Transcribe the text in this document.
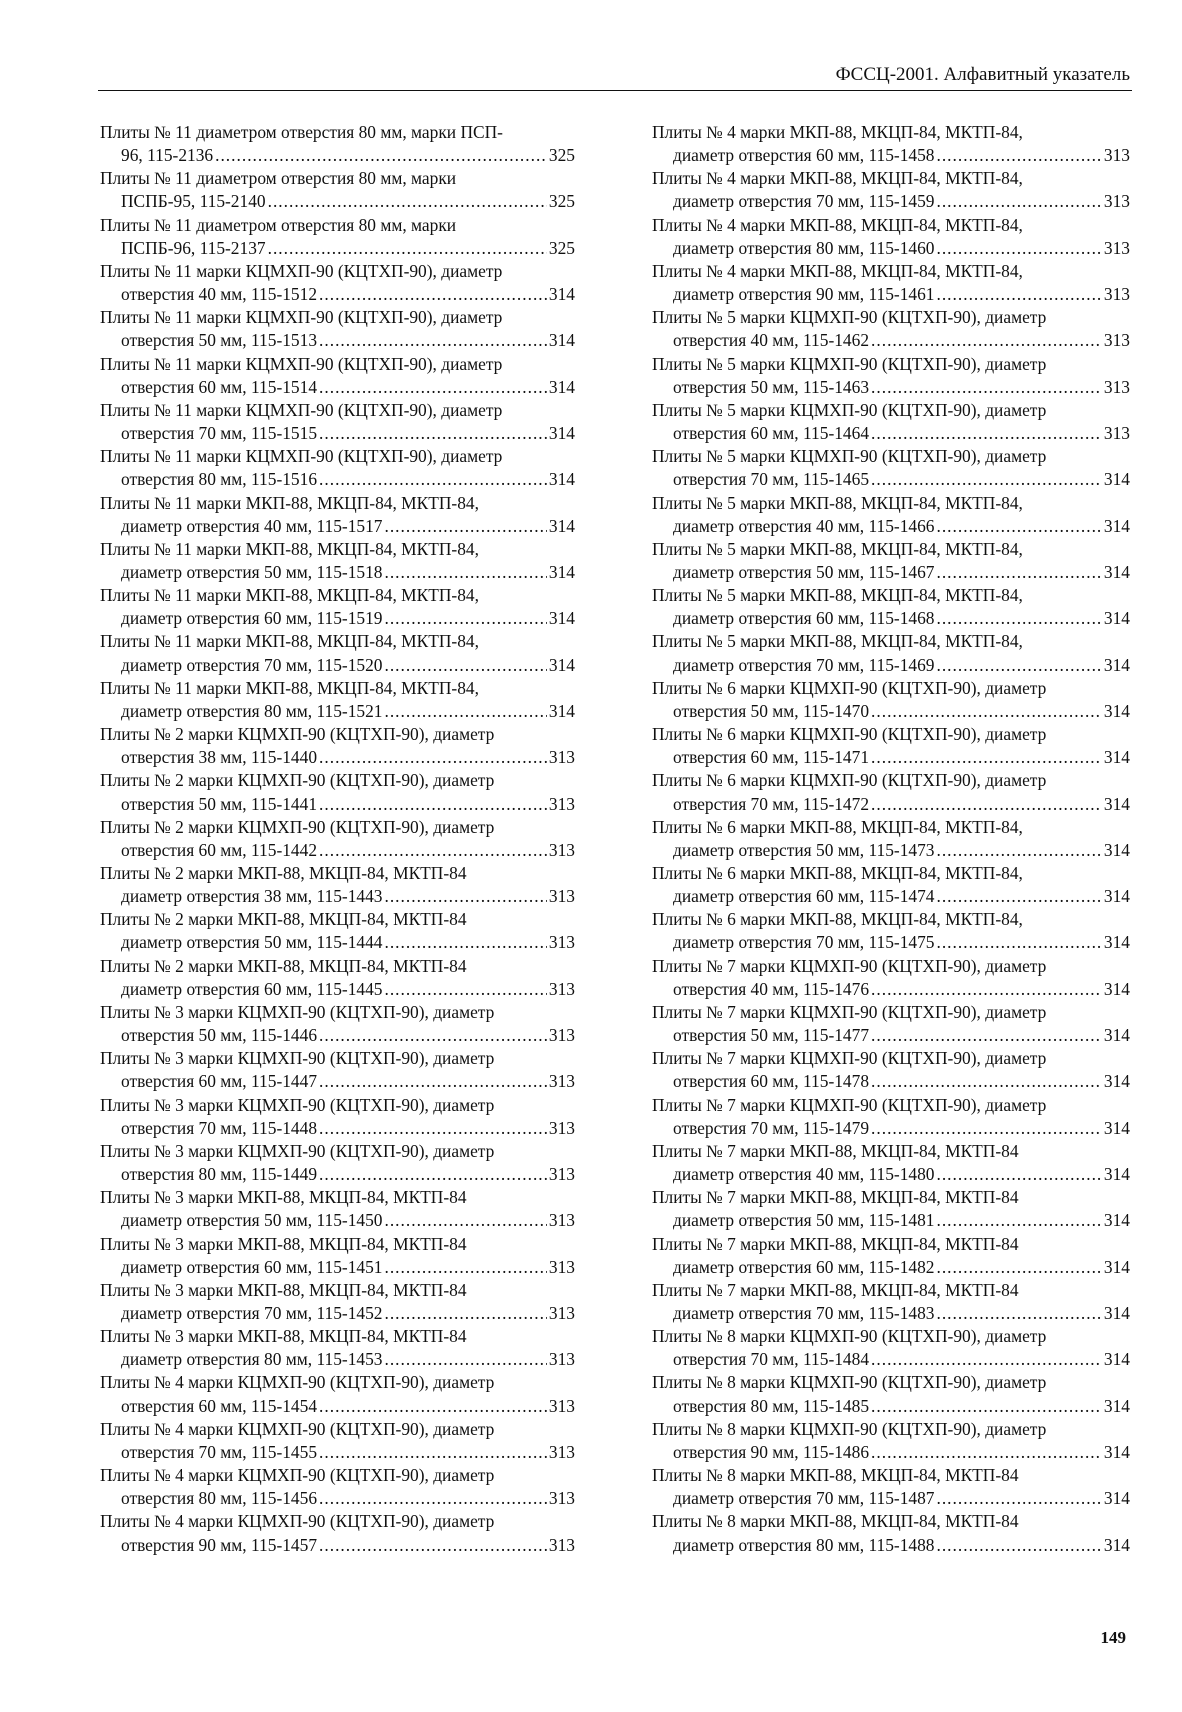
ФССЦ-2001. Алфавитный указатель
Плиты № 11 диаметром отверстия 80 мм, марки ПСП-
96, 115-2136 .....	325
Плиты № 11 диаметром отверстия 80 мм, марки
ПСПБ-95, 115-2140 .....	325
Плиты № 11 диаметром отверстия 80 мм, марки
ПСПБ-96, 115-2137 .....	325
Плиты № 11 марки КЦМХП-90 (КЦТХП-90), диаметр
отверстия 40 мм, 115-1512 .....	314
Плиты № 11 марки КЦМХП-90 (КЦТХП-90), диаметр
отверстия 50 мм, 115-1513 .....	314
Плиты № 11 марки КЦМХП-90 (КЦТХП-90), диаметр
отверстия 60 мм, 115-1514 .....	314
Плиты № 11 марки КЦМХП-90 (КЦТХП-90), диаметр
отверстия 70 мм, 115-1515 .....	314
Плиты № 11 марки КЦМХП-90 (КЦТХП-90), диаметр
отверстия 80 мм, 115-1516 .....	314
Плиты № 11 марки МКП-88, МКЦП-84, МКТП-84,
диаметр отверстия 40 мм, 115-1517 .....	314
Плиты № 11 марки МКП-88, МКЦП-84, МКТП-84,
диаметр отверстия 50 мм, 115-1518 .....	314
Плиты № 11 марки МКП-88, МКЦП-84, МКТП-84,
диаметр отверстия 60 мм, 115-1519 .....	314
Плиты № 11 марки МКП-88, МКЦП-84, МКТП-84,
диаметр отверстия 70 мм, 115-1520 .....	314
Плиты № 11 марки МКП-88, МКЦП-84, МКТП-84,
диаметр отверстия 80 мм, 115-1521 .....	314
Плиты № 2 марки КЦМХП-90 (КЦТХП-90), диаметр
отверстия 38 мм, 115-1440 .....	313
Плиты № 2 марки КЦМХП-90 (КЦТХП-90), диаметр
отверстия 50 мм, 115-1441 .....	313
Плиты № 2 марки КЦМХП-90 (КЦТХП-90), диаметр
отверстия 60 мм, 115-1442 .....	313
Плиты № 2 марки МКП-88, МКЦП-84, МКТП-84
диаметр отверстия 38 мм, 115-1443 .....	313
Плиты № 2 марки МКП-88, МКЦП-84, МКТП-84
диаметр отверстия 50 мм, 115-1444 .....	313
Плиты № 2 марки МКП-88, МКЦП-84, МКТП-84
диаметр отверстия 60 мм, 115-1445 .....	313
Плиты № 3 марки КЦМХП-90 (КЦТХП-90), диаметр
отверстия 50 мм, 115-1446 .....	313
Плиты № 3 марки КЦМХП-90 (КЦТХП-90), диаметр
отверстия 60 мм, 115-1447 .....	313
Плиты № 3 марки КЦМХП-90 (КЦТХП-90), диаметр
отверстия 70 мм, 115-1448 .....	313
Плиты № 3 марки КЦМХП-90 (КЦТХП-90), диаметр
отверстия 80 мм, 115-1449 .....	313
Плиты № 3 марки МКП-88, МКЦП-84, МКТП-84
диаметр отверстия 50 мм, 115-1450 .....	313
Плиты № 3 марки МКП-88, МКЦП-84, МКТП-84
диаметр отверстия 60 мм, 115-1451 .....	313
Плиты № 3 марки МКП-88, МКЦП-84, МКТП-84
диаметр отверстия 70 мм, 115-1452 .....	313
Плиты № 3 марки МКП-88, МКЦП-84, МКТП-84
диаметр отверстия 80 мм, 115-1453 .....	313
Плиты № 4 марки КЦМХП-90 (КЦТХП-90), диаметр
отверстия 60 мм, 115-1454 .....	313
Плиты № 4 марки КЦМХП-90 (КЦТХП-90), диаметр
отверстия 70 мм, 115-1455 .....	313
Плиты № 4 марки КЦМХП-90 (КЦТХП-90), диаметр
отверстия 80 мм, 115-1456 .....	313
Плиты № 4 марки КЦМХП-90 (КЦТХП-90), диаметр
отверстия 90 мм, 115-1457 .....	313
Плиты № 4 марки МКП-88, МКЦП-84, МКТП-84,
диаметр отверстия 60 мм, 115-1458 .....	313
Плиты № 4 марки МКП-88, МКЦП-84, МКТП-84,
диаметр отверстия 70 мм, 115-1459 .....	313
Плиты № 4 марки МКП-88, МКЦП-84, МКТП-84,
диаметр отверстия 80 мм, 115-1460 .....	313
Плиты № 4 марки МКП-88, МКЦП-84, МКТП-84,
диаметр отверстия 90 мм, 115-1461 .....	313
Плиты № 5 марки КЦМХП-90 (КЦТХП-90), диаметр
отверстия 40 мм, 115-1462 .....	313
Плиты № 5 марки КЦМХП-90 (КЦТХП-90), диаметр
отверстия 50 мм, 115-1463 .....	313
Плиты № 5 марки КЦМХП-90 (КЦТХП-90), диаметр
отверстия 60 мм, 115-1464 .....	313
Плиты № 5 марки КЦМХП-90 (КЦТХП-90), диаметр
отверстия 70 мм, 115-1465 .....	314
Плиты № 5 марки МКП-88, МКЦП-84, МКТП-84,
диаметр отверстия 40 мм, 115-1466 .....	314
Плиты № 5 марки МКП-88, МКЦП-84, МКТП-84,
диаметр отверстия 50 мм, 115-1467 .....	314
Плиты № 5 марки МКП-88, МКЦП-84, МКТП-84,
диаметр отверстия 60 мм, 115-1468 .....	314
Плиты № 5 марки МКП-88, МКЦП-84, МКТП-84,
диаметр отверстия 70 мм, 115-1469 .....	314
Плиты № 6 марки КЦМХП-90 (КЦТХП-90), диаметр
отверстия 50 мм, 115-1470 .....	314
Плиты № 6 марки КЦМХП-90 (КЦТХП-90), диаметр
отверстия 60 мм, 115-1471 .....	314
Плиты № 6 марки КЦМХП-90 (КЦТХП-90), диаметр
отверстия 70 мм, 115-1472 .....	314
Плиты № 6 марки МКП-88, МКЦП-84, МКТП-84,
диаметр отверстия 50 мм, 115-1473 .....	314
Плиты № 6 марки МКП-88, МКЦП-84, МКТП-84,
диаметр отверстия 60 мм, 115-1474 .....	314
Плиты № 6 марки МКП-88, МКЦП-84, МКТП-84,
диаметр отверстия 70 мм, 115-1475 .....	314
Плиты № 7 марки КЦМХП-90 (КЦТХП-90), диаметр
отверстия 40 мм, 115-1476 .....	314
Плиты № 7 марки КЦМХП-90 (КЦТХП-90), диаметр
отверстия 50 мм, 115-1477 .....	314
Плиты № 7 марки КЦМХП-90 (КЦТХП-90), диаметр
отверстия 60 мм, 115-1478 .....	314
Плиты № 7 марки КЦМХП-90 (КЦТХП-90), диаметр
отверстия 70 мм, 115-1479 .....	314
Плиты № 7 марки МКП-88, МКЦП-84, МКТП-84
диаметр отверстия 40 мм, 115-1480 .....	314
Плиты № 7 марки МКП-88, МКЦП-84, МКТП-84
диаметр отверстия 50 мм, 115-1481 .....	314
Плиты № 7 марки МКП-88, МКЦП-84, МКТП-84
диаметр отверстия 60 мм, 115-1482 .....	314
Плиты № 7 марки МКП-88, МКЦП-84, МКТП-84
диаметр отверстия 70 мм, 115-1483 .....	314
Плиты № 8 марки КЦМХП-90 (КЦТХП-90), диаметр
отверстия 70 мм, 115-1484 .....	314
Плиты № 8 марки КЦМХП-90 (КЦТХП-90), диаметр
отверстия 80 мм, 115-1485 .....	314
Плиты № 8 марки КЦМХП-90 (КЦТХП-90), диаметр
отверстия 90 мм, 115-1486 .....	314
Плиты № 8 марки МКП-88, МКЦП-84, МКТП-84
диаметр отверстия 70 мм, 115-1487 .....	314
Плиты № 8 марки МКП-88, МКЦП-84, МКТП-84
диаметр отверстия 80 мм, 115-1488 .....	314
149
